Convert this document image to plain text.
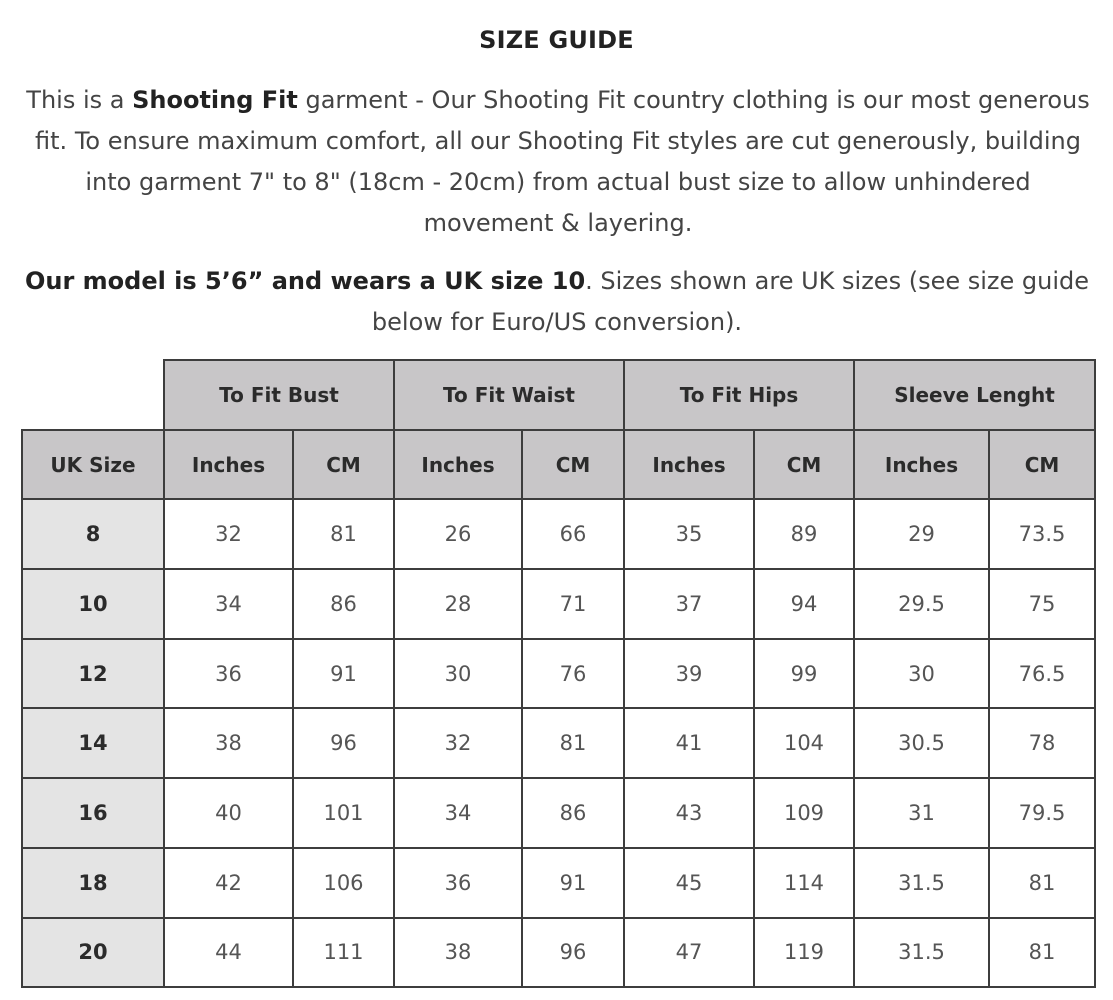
SIZE GUIDE
This is a Shooting Fit garment - Our Shooting Fit country clothing is our most generous fit. To ensure maximum comfort, all our Shooting Fit styles are cut generously, building into garment 7" to 8" (18cm - 20cm) from actual bust size to allow unhindered movement & layering.
Our model is 5’6” and wears a UK size 10. Sizes shown are UK sizes (see size guide below for Euro/US conversion).
	To Fit Bust		To Fit Waist		To Fit Hips		Sleeve Lenght	
UK Size	Inches	CM	Inches	CM	Inches	CM	Inches	CM
8	32	81	26	66	35	89	29	73.5
10	34	86	28	71	37	94	29.5	75
12	36	91	30	76	39	99	30	76.5
14	38	96	32	81	41	104	30.5	78
16	40	101	34	86	43	109	31	79.5
18	42	106	36	91	45	114	31.5	81
20	44	111	38	96	47	119	31.5	81
